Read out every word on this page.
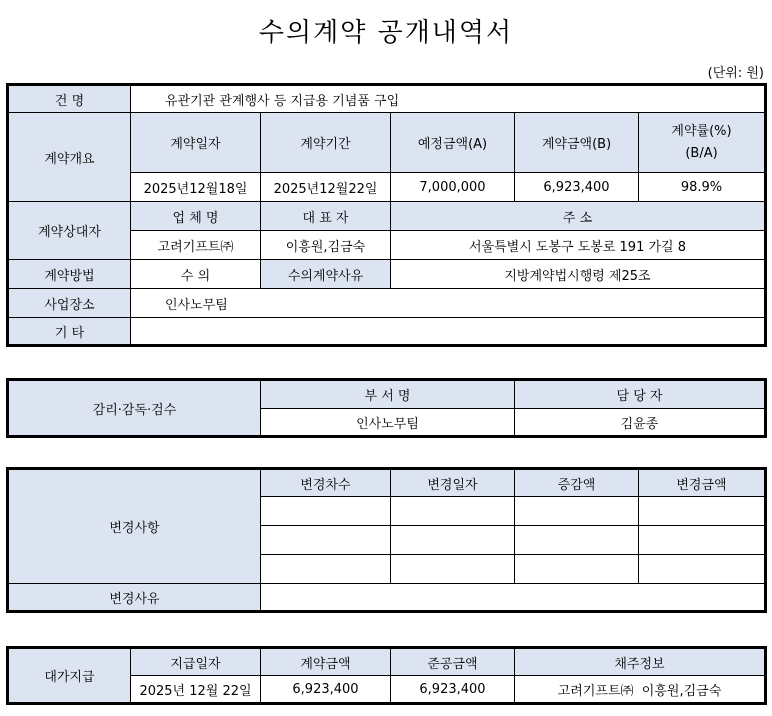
수의계약 공개내역서
(단위: 원)
건 명	유관기관 관계행사 등 지급용 기념품 구입				
계약개요	계약일자	계약기간	예정금액(A)	계약금액(B)	계약률(%)
(B/A)

	2025년12월18일	2025년12월22일	7,000,000	6,923,400	98.9%
계약상대자	업 체 명	대 표 자	주 소		
	고려기프트㈜	이흥원,김금숙	서울특별시 도봉구 도봉로 191 가길 8		
계약방법	수 의	수의계약사유	지방계약법시행령 제25조		
사업장소	인사노무팀				
기 타					
감리·감독·검수	부 서 명	담 당 자
	인사노무팀	김윤종
변경사항	변경차수	변경일자	증감액	변경금액

변경사유				
대가지급	지급일자	계약금액	준공금액	채주정보
	2025년 12월 22일	6,923,400	6,923,400	고려기프트㈜  이흥원,김금숙
